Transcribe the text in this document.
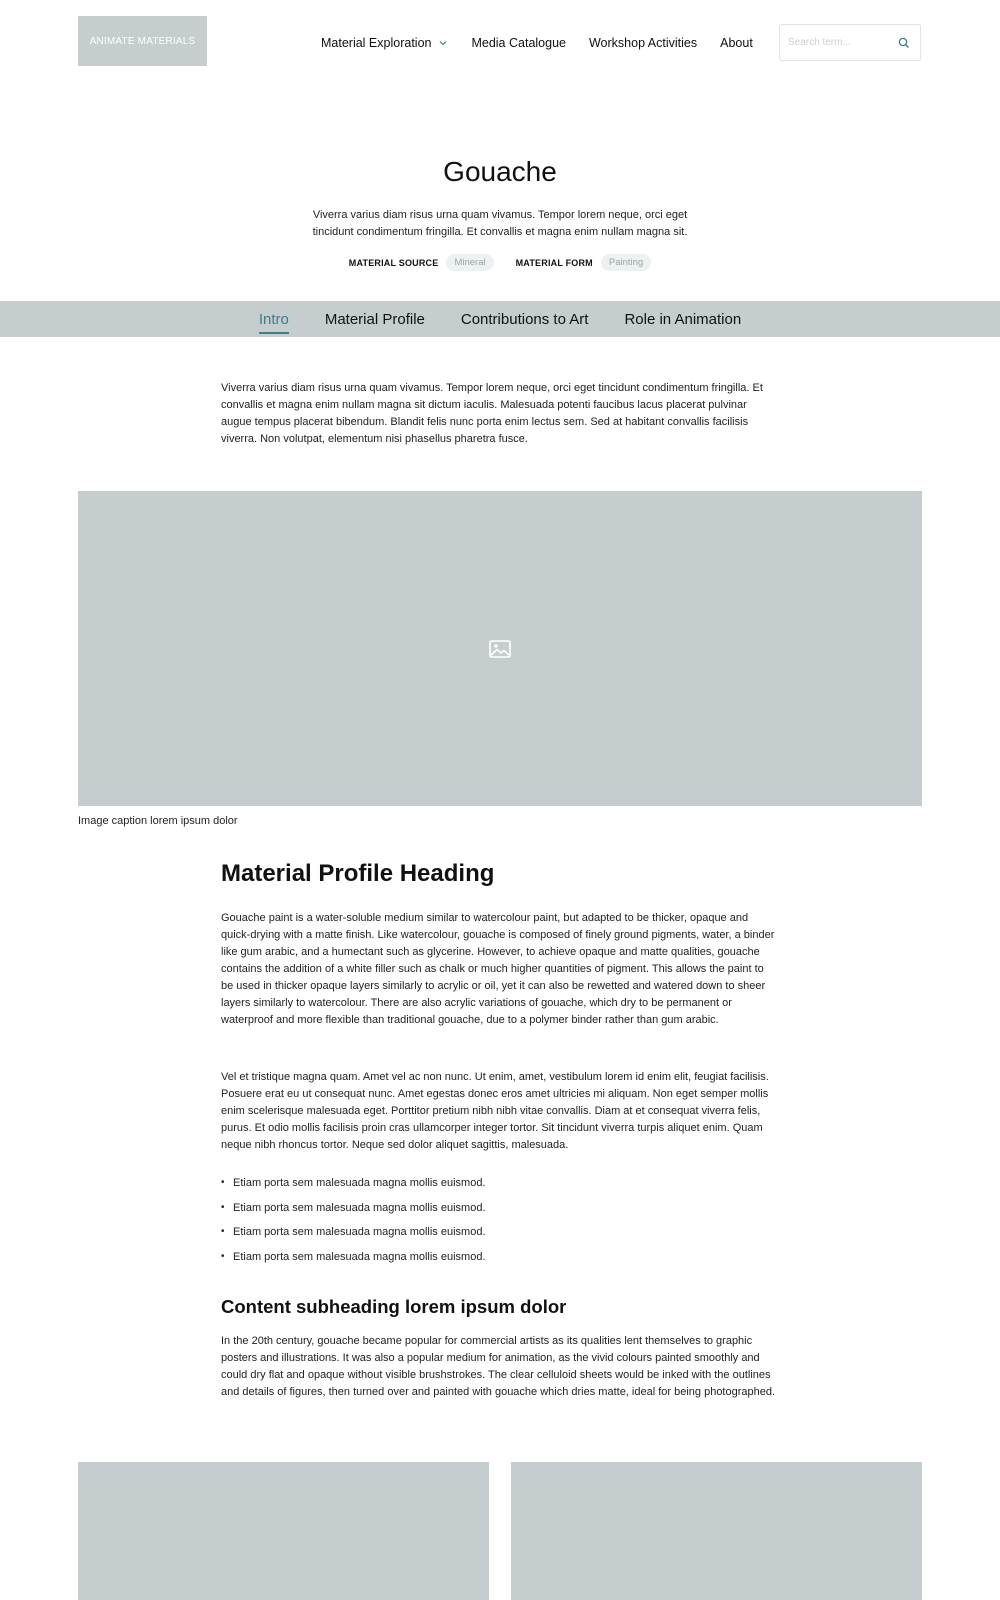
ANIMATE MATERIALS	Material Exploration	Media Catalogue Workshop Activities About
Search term...
Gouache

Viverra varius diam risus urna quam vivamus. Tempor lorem neque, orci eget tincidunt condimentum fringilla. Et convallis et magna enim nullam magna sit.

MATERIAL SOURCE	Mineral	MATERIAL FORM	Painting
Intro Material Profile Contributions to Art Role in Animation

Viverra varius diam risus urna quam vivamus. Tempor lorem neque, orci eget tincidunt condimentum fringilla. Et convallis et magna enim nullam magna sit dictum iaculis. Malesuada potenti faucibus lacus placerat pulvinar augue tempus placerat bibendum. Blandit felis nunc porta enim lectus sem. Sed at habitant convallis facilisis viverra. Non volutpat, elementum nisi phasellus pharetra fusce.

Image caption lorem ipsum dolor
Material Profile Heading

Gouache paint is a water-soluble medium similar to watercolour paint, but adapted to be thicker, opaque and quick-drying with a matte finish. Like watercolour, gouache is composed of finely ground pigments, water, a binder like gum arabic, and a humectant such as glycerine. However, to achieve opaque and matte qualities, gouache contains the addition of a white filler such as chalk or much higher quantities of pigment. This allows the paint to be used in thicker opaque layers similarly to acrylic or oil, yet it can also be rewetted and watered down to sheer layers similarly to watercolour. There are also acrylic variations of gouache, which dry to be permanent or waterproof and more flexible than traditional gouache, due to a polymer binder rather than gum arabic.

Vel et tristique magna quam. Amet vel ac non nunc. Ut enim, amet, vestibulum lorem id enim elit, feugiat facilisis. Posuere erat eu ut consequat nunc. Amet egestas donec eros amet ultricies mi aliquam. Non eget semper mollis enim scelerisque malesuada eget. Porttitor pretium nibh nibh vitae convallis. Diam at et consequat viverra felis, purus. Et odio mollis facilisis proin cras ullamcorper integer tortor. Sit tincidunt viverra turpis aliquet enim. Quam neque nibh rhoncus tortor. Neque sed dolor aliquet sagittis, malesuada.

• Etiam porta sem malesuada magna mollis euismod.
• Etiam porta sem malesuada magna mollis euismod.
• Etiam porta sem malesuada magna mollis euismod.
• Etiam porta sem malesuada magna mollis euismod.
Content subheading lorem ipsum dolor

In the 20th century, gouache became popular for commercial artists as its qualities lent themselves to graphic posters and illustrations. It was also a popular medium for animation, as the vivid colours painted smoothly and could dry flat and opaque without visible brushstrokes. The clear celluloid sheets would be inked with the outlines and details of figures, then turned over and painted with gouache which dries matte, ideal for being photographed.
